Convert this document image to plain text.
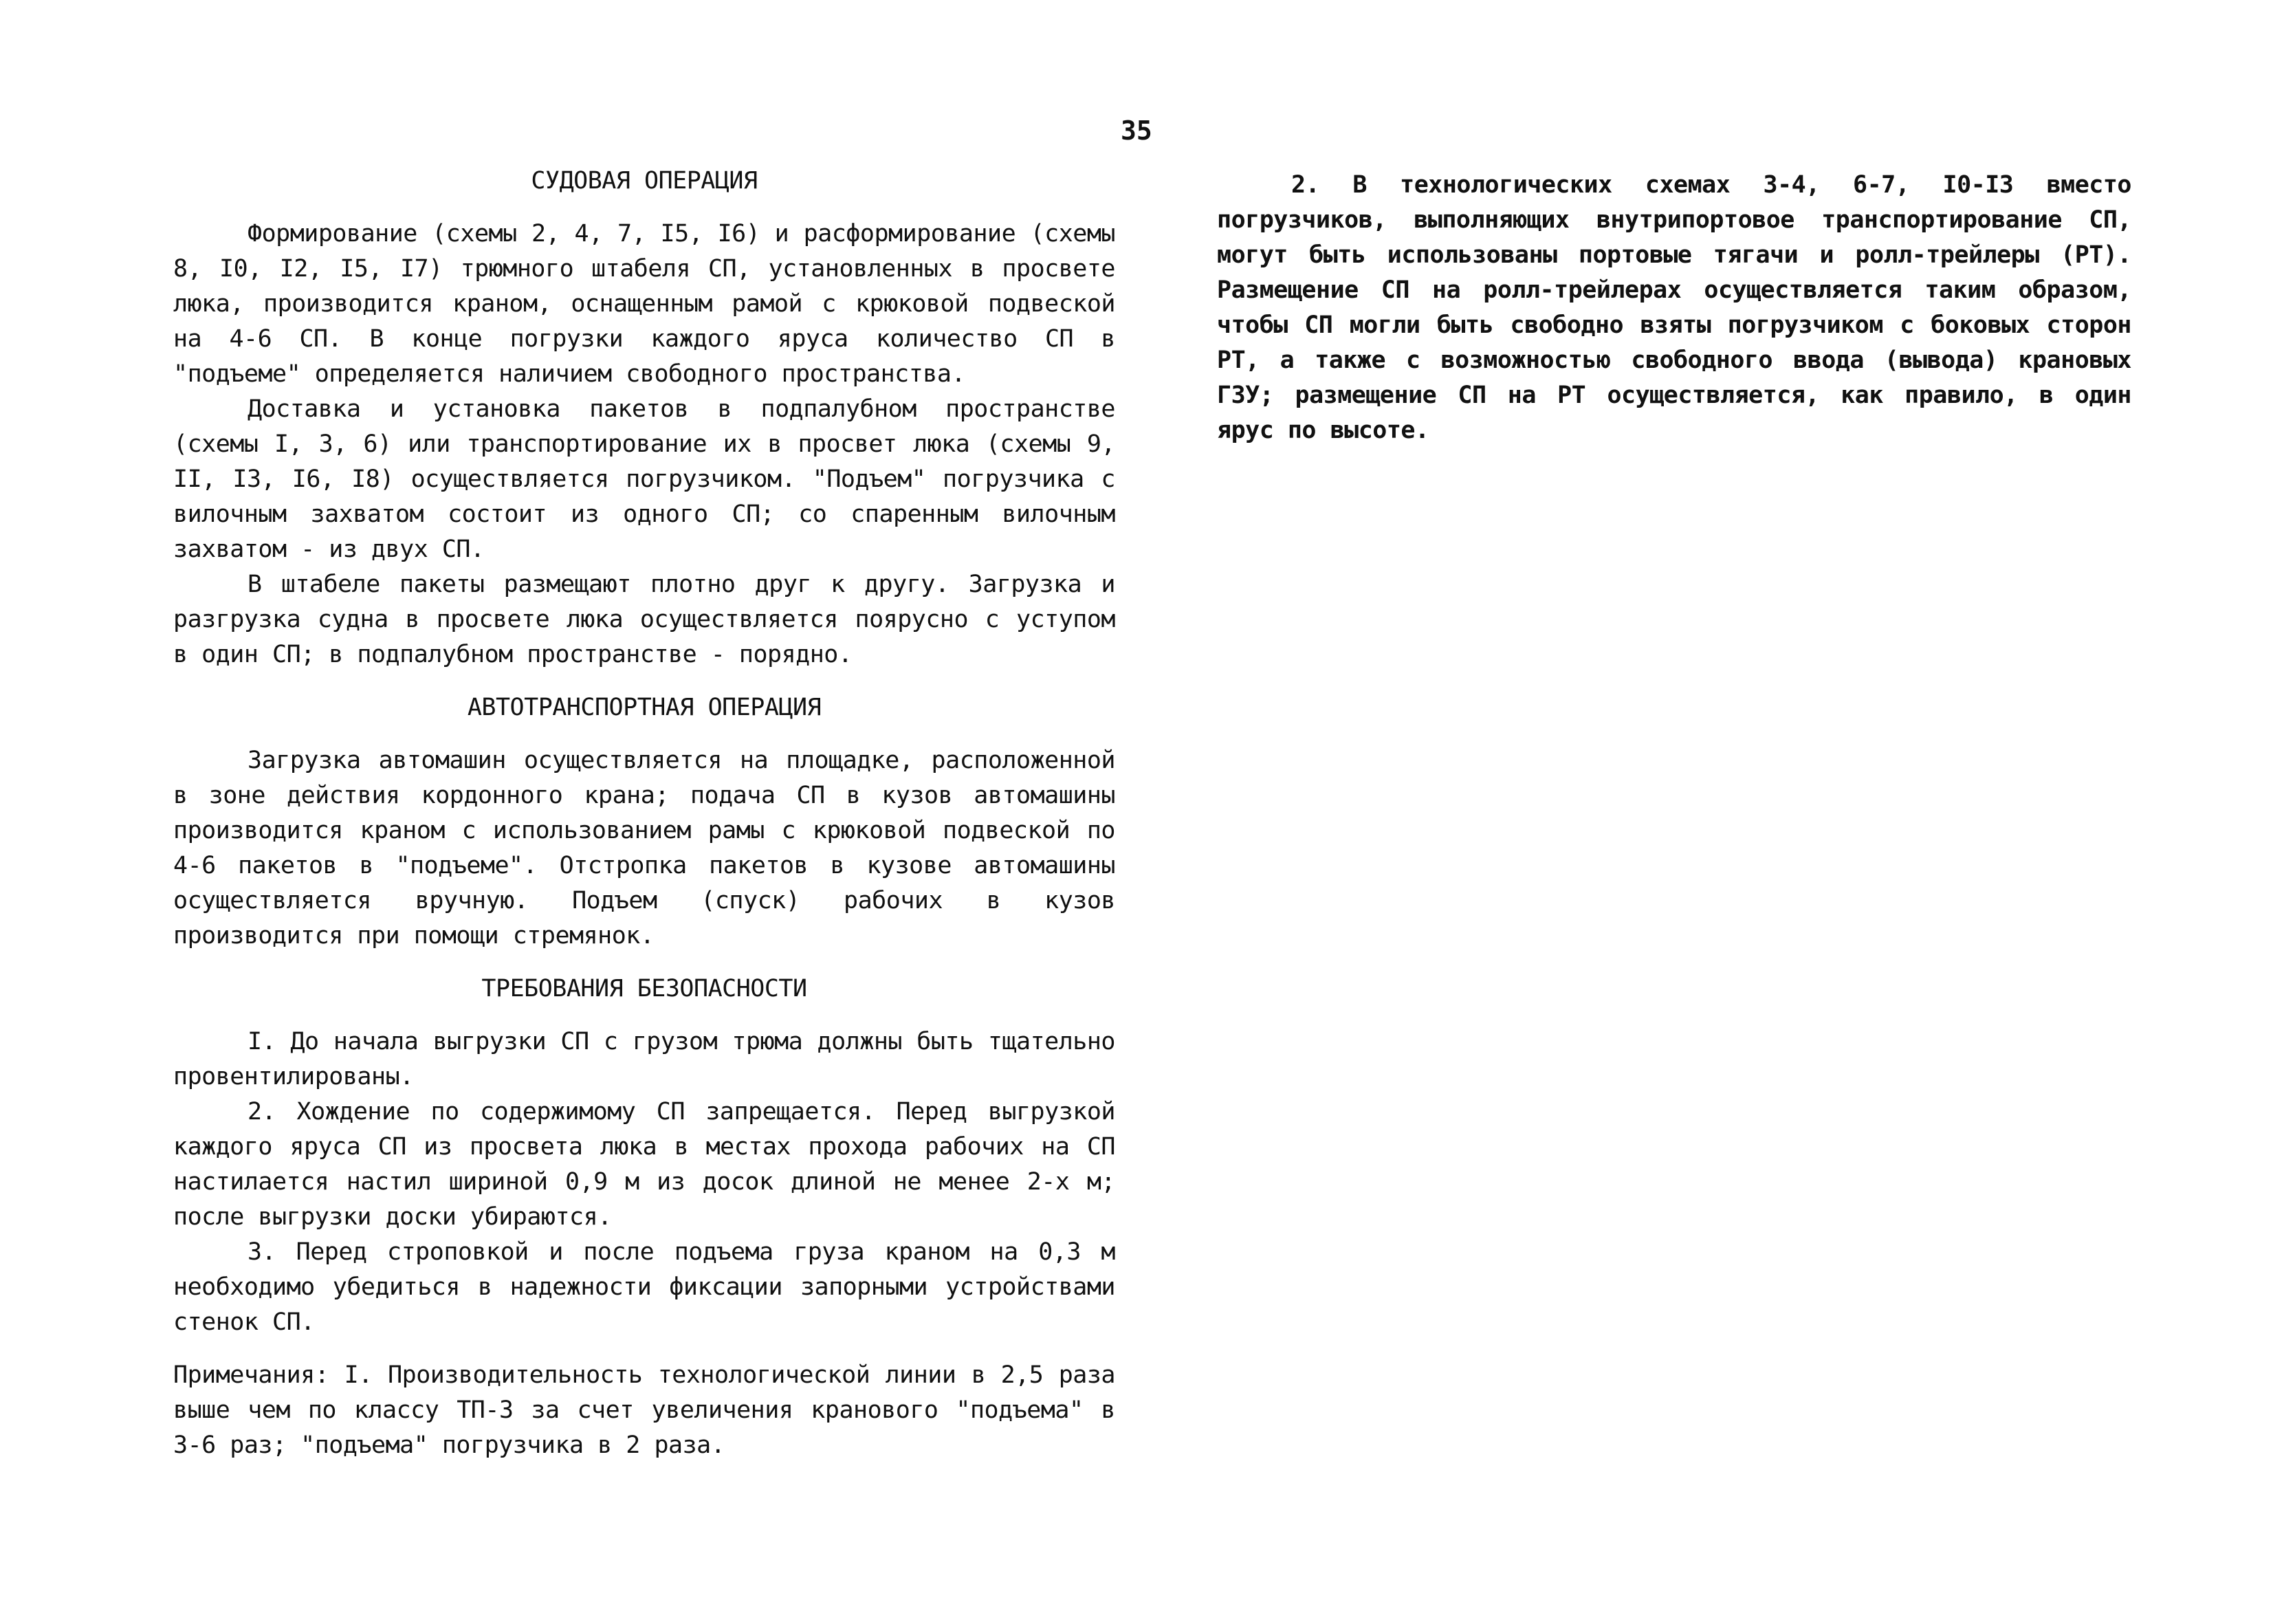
35
СУДОВАЯ ОПЕРАЦИЯ

Формирование (схемы 2, 4, 7, I5, I6) и расформирование (схемы 8, I0, I2, I5, I7) трюмного штабеля СП, установленных в просвете люка, производится краном, оснащенным рамой с крюковой подвеской на 4-6 СП. В конце погрузки каждого яруса количество СП в "подъеме" определяется наличием свободного пространства.

Доставка и установка пакетов в подпалубном пространстве (схемы I, 3, 6) или транспортирование их в просвет люка (схемы 9, II, I3, I6, I8) осуществляется погрузчиком. "Подъем" погрузчика с вилочным захватом состоит из одного СП; со спаренным вилочным захватом - из двух СП.

В штабеле пакеты размещают плотно друг к другу. Загрузка и разгрузка судна в просвете люка осуществляется поярусно с уступом в один СП; в подпалубном пространстве - порядно.

АВТОТРАНСПОРТНАЯ ОПЕРАЦИЯ

Загрузка автомашин осуществляется на площадке, расположенной в зоне действия кордонного крана; подача СП в кузов автомашины производится краном с использованием рамы с крюковой подвеской по 4-6 пакетов в "подъеме". Отстропка пакетов в кузове автомашины осуществляется вручную. Подъем (спуск) рабочих в кузов производится при помощи стремянок.

ТРЕБОВАНИЯ БЕЗОПАСНОСТИ

I. До начала выгрузки СП с грузом трюма должны быть тщательно провентилированы.

2. Хождение по содержимому СП запрещается. Перед выгрузкой каждого яруса СП из просвета люка в местах прохода рабочих на СП настилается настил шириной 0,9 м из досок длиной не менее 2-х м; после выгрузки доски убираются.

3. Перед строповкой и после подъема груза краном на 0,3 м необходимо убедиться в надежности фиксации запорными устройствами стенок СП.

Примечания: I. Производительность технологической линии в 2,5 раза выше чем по классу ТП-3 за счет увеличения кранового "подъема" в 3-6 раз; "подъема" погрузчика в 2 раза.

2. В технологических схемах 3-4, 6-7, I0-I3 вместо погрузчиков, выполняющих внутрипортовое транспортирование СП, могут быть использованы портовые тягачи и ролл-трейлеры (РТ). Размещение СП на ролл-трейлерах осуществляется таким образом, чтобы СП могли быть свободно взяты погрузчиком с боковых сторон РТ, а также с возможностью свободного ввода (вывода) крановых ГЗУ; размещение СП на РТ осуществляется, как правило, в один ярус по высоте.
